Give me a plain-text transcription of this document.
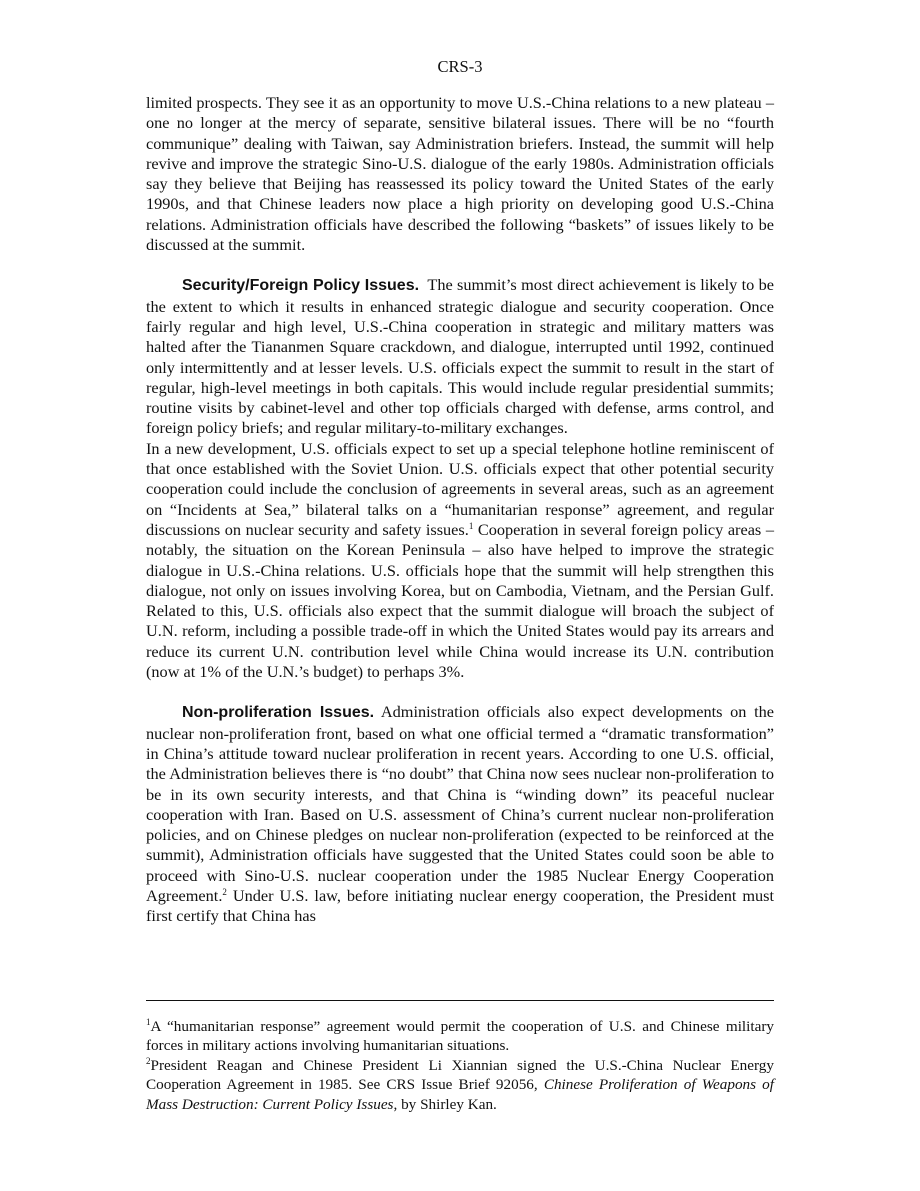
CRS-3

limited prospects. They see it as an opportunity to move U.S.-China relations to a new plateau – one no longer at the mercy of separate, sensitive bilateral issues. There will be no “fourth communique” dealing with Taiwan, say Administration briefers. Instead, the summit will help revive and improve the strategic Sino-U.S. dialogue of the early 1980s. Administration officials say they believe that Beijing has reassessed its policy toward the United States of the early 1990s, and that Chinese leaders now place a high priority on developing good U.S.-China relations. Administration officials have described the following “baskets” of issues likely to be discussed at the summit.

Security/Foreign Policy Issues. The summit’s most direct achievement is likely to be the extent to which it results in enhanced strategic dialogue and security cooperation. Once fairly regular and high level, U.S.-China cooperation in strategic and military matters was halted after the Tiananmen Square crackdown, and dialogue, interrupted until 1992, continued only intermittently and at lesser levels. U.S. officials expect the summit to result in the start of regular, high-level meetings in both capitals. This would include regular presidential summits; routine visits by cabinet-level and other top officials charged with defense, arms control, and foreign policy briefs; and regular military-to-military exchanges.

In a new development, U.S. officials expect to set up a special telephone hotline reminiscent of that once established with the Soviet Union. U.S. officials expect that other potential security cooperation could include the conclusion of agreements in several areas, such as an agreement on “Incidents at Sea,” bilateral talks on a “humanitarian response” agreement, and regular discussions on nuclear security and safety issues.$^1$ Cooperation in several foreign policy areas – notably, the situation on the Korean Peninsula – also have helped to improve the strategic dialogue in U.S.-China relations. U.S. officials hope that the summit will help strengthen this dialogue, not only on issues involving Korea, but on Cambodia, Vietnam, and the Persian Gulf. Related to this, U.S. officials also expect that the summit dialogue will broach the subject of U.N. reform, including a possible trade-off in which the United States would pay its arrears and reduce its current U.N. contribution level while China would increase its U.N. contribution (now at 1% of the U.N.’s budget) to perhaps 3%.

Non-proliferation Issues. Administration officials also expect developments on the nuclear non-proliferation front, based on what one official termed a “dramatic transformation” in China’s attitude toward nuclear proliferation in recent years. According to one U.S. official, the Administration believes there is “no doubt” that China now sees nuclear non-proliferation to be in its own security interests, and that China is “winding down” its peaceful nuclear cooperation with Iran. Based on U.S. assessment of China’s current nuclear non-proliferation policies, and on Chinese pledges on nuclear non-proliferation (expected to be reinforced at the summit), Administration officials have suggested that the United States could soon be able to proceed with Sino-U.S. nuclear cooperation under the 1985 Nuclear Energy Cooperation Agreement.$^2$ Under U.S. law, before initiating nuclear energy cooperation, the President must first certify that China has

$^1$A “humanitarian response” agreement would permit the cooperation of U.S. and Chinese military forces in military actions involving humanitarian situations.

$^2$President Reagan and Chinese President Li Xiannian signed the U.S.-China Nuclear Energy Cooperation Agreement in 1985. See CRS Issue Brief 92056, Chinese Proliferation of Weapons of Mass Destruction: Current Policy Issues, by Shirley Kan.
